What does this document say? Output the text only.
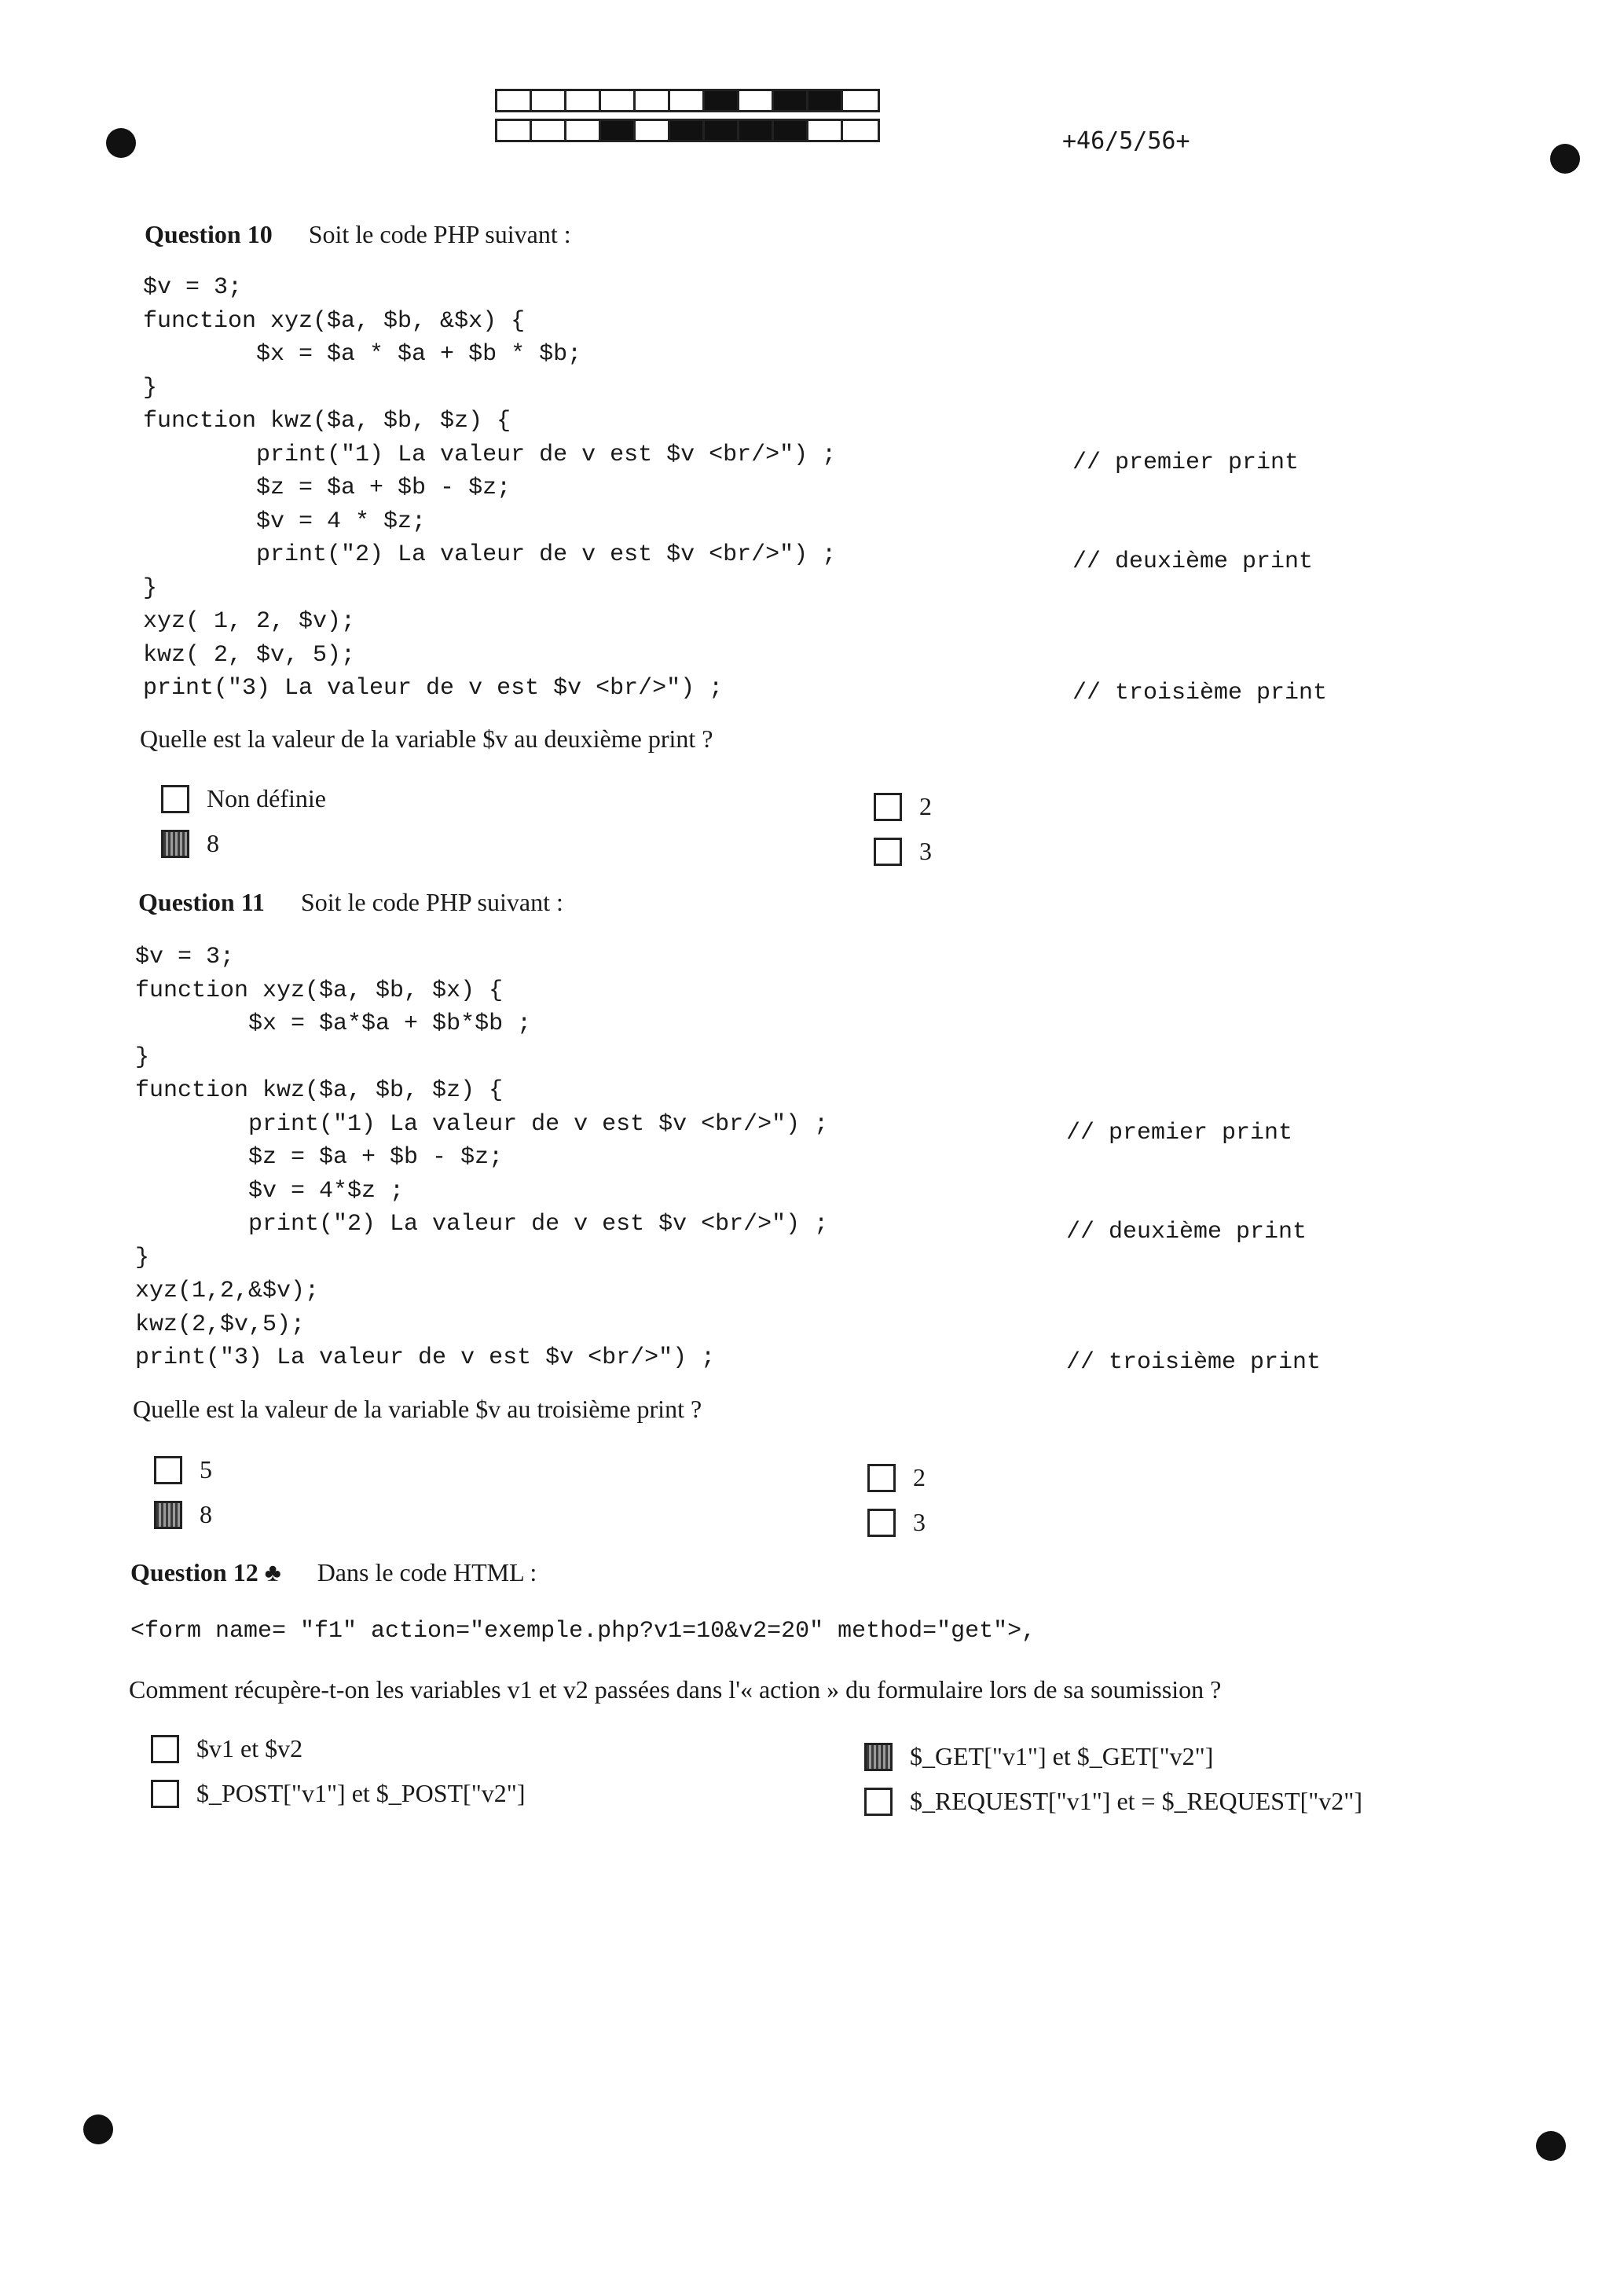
+46/5/56+
Question 10 Soit le code PHP suivant :
$v = 3;
function xyz($a, $b, &$x) {
$x = $a * $a + $b * $b;
}
function kwz($a, $b, $z) {
print("1) La valeur de v est $v <br/>") ;
$z = $a + $b - $z;
$v = 4 * $z;
print("2) La valeur de v est $v <br/>") ;
}
xyz( 1, 2, $v);
kwz( 2, $v, 5);
print("3) La valeur de v est $v <br/>") ;
// premier print
// deuxième print
// troisième print
Quelle est la valeur de la variable $v au deuxième print ?
Non définie
8
2
3
Question 11 Soit le code PHP suivant :
$v = 3;
function xyz($a, $b, $x) {
$x = $a*$a + $b*$b ;
}
function kwz($a, $b, $z) {
print("1) La valeur de v est $v <br/>") ;
$z = $a + $b - $z;
$v = 4*$z ;
print("2) La valeur de v est $v <br/>") ;
}
xyz(1,2,&$v);
kwz(2,$v,5);
print("3) La valeur de v est $v <br/>") ;
// premier print
// deuxième print
// troisième print
Quelle est la valeur de la variable $v au troisième print ?
5
8
2
3
Question 12 ♣ Dans le code HTML :
<form name= "f1" action="exemple.php?v1=10&v2=20" method="get">,
Comment récupère-t-on les variables v1 et v2 passées dans l'« action » du formulaire lors de sa soumission ?
$v1 et $v2
$_POST["v1"] et $_POST["v2"]
$_GET["v1"] et $_GET["v2"]
$_REQUEST["v1"] et = $_REQUEST["v2"]
